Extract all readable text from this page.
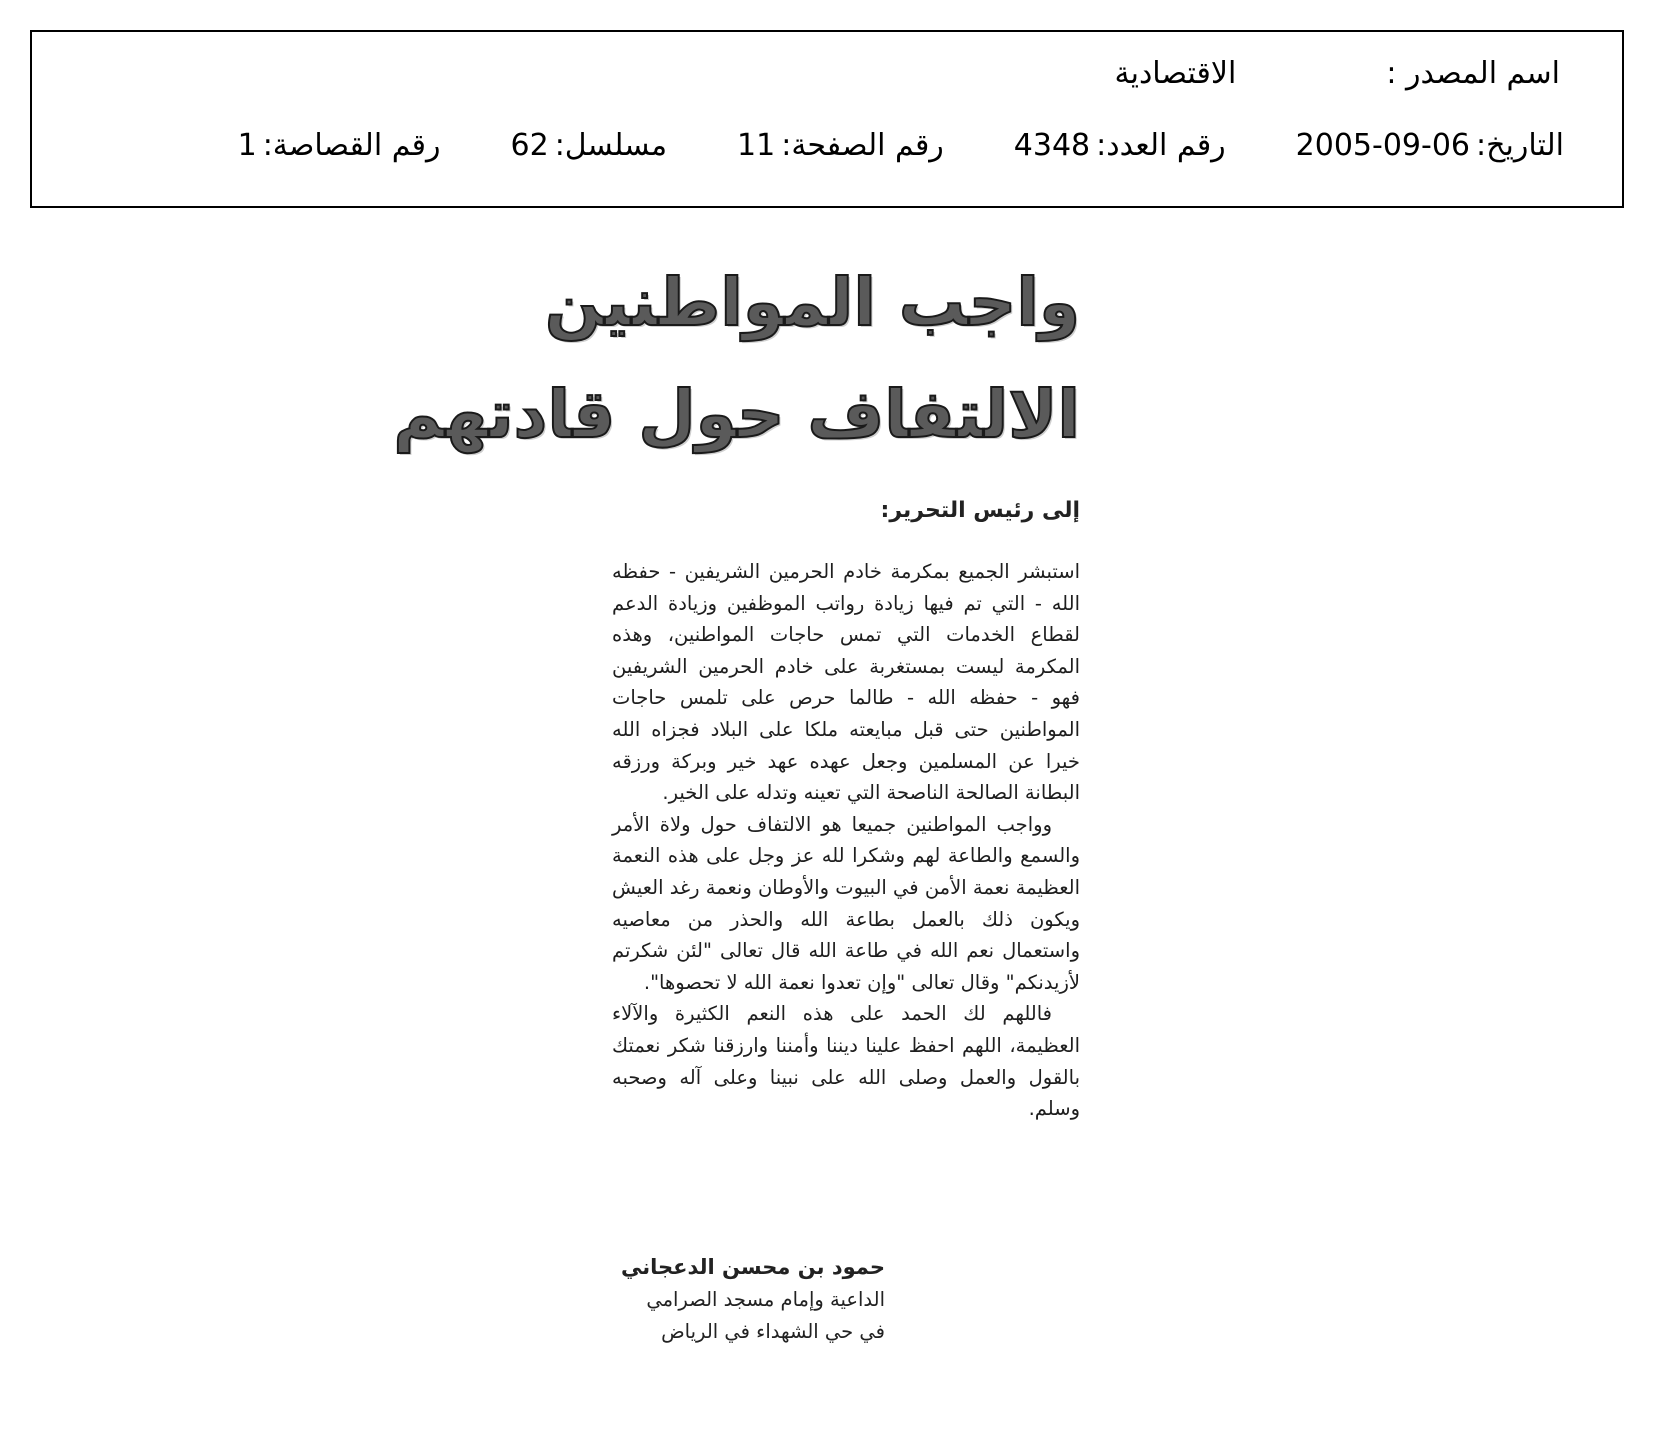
اسم المصدر :الاقتصادية
التاريخ:2005-09-06رقم العدد:4348رقم الصفحة:11مسلسل:62رقم القصاصة:1
واجب المواطنين
الالتفاف حول قادتهم
إلى رئيس التحرير:

استبشر الجميع بمكرمة خادم الحرمين الشريفين - حفظه الله - التي تم فيها زيادة رواتب الموظفين وزيادة الدعم لقطاع الخدمات التي تمس حاجات المواطنين، وهذه المكرمة ليست بمستغربة على خادم الحرمين الشريفين فهو - حفظه الله - طالما حرص على تلمس حاجات المواطنين حتى قبل مبايعته ملكا على البلاد فجزاه الله خيرا عن المسلمين وجعل عهده عهد خير وبركة ورزقه البطانة الصالحة الناصحة التي تعينه وتدله على الخير.

وواجب المواطنين جميعا هو الالتفاف حول ولاة الأمر والسمع والطاعة لهم وشكرا لله عز وجل على هذه النعمة العظيمة نعمة الأمن في البيوت والأوطان ونعمة رغد العيش ويكون ذلك بالعمل بطاعة الله والحذر من معاصيه واستعمال نعم الله في طاعة الله قال تعالى "لئن شكرتم لأزيدنكم" وقال تعالى "وإن تعدوا نعمة الله لا تحصوها".

فاللهم لك الحمد على هذه النعم الكثيرة والآلاء العظيمة، اللهم احفظ علينا ديننا وأمننا وارزقنا شكر نعمتك بالقول والعمل وصلى الله على نبينا وعلى آله وصحبه وسلم.

حمود بن محسن الدعجاني
الداعية وإمام مسجد الصرامي
في حي الشهداء في الرياض
